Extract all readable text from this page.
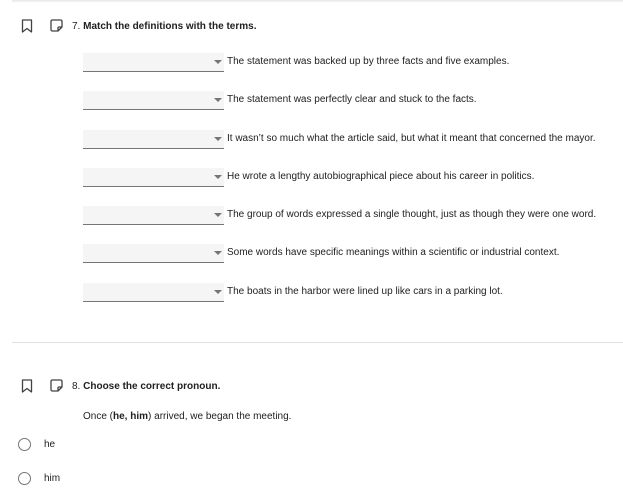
7. Match the definitions with the terms.
The statement was backed up by three facts and five examples.
The statement was perfectly clear and stuck to the facts.
It wasn’t so much what the article said, but what it meant that concerned the mayor.
He wrote a lengthy autobiographical piece about his career in politics.
The group of words expressed a single thought, just as though they were one word.
Some words have specific meanings within a scientific or industrial context.
The boats in the harbor were lined up like cars in a parking lot.
8. Choose the correct pronoun.
Once (he, him) arrived, we began the meeting.
he
him
